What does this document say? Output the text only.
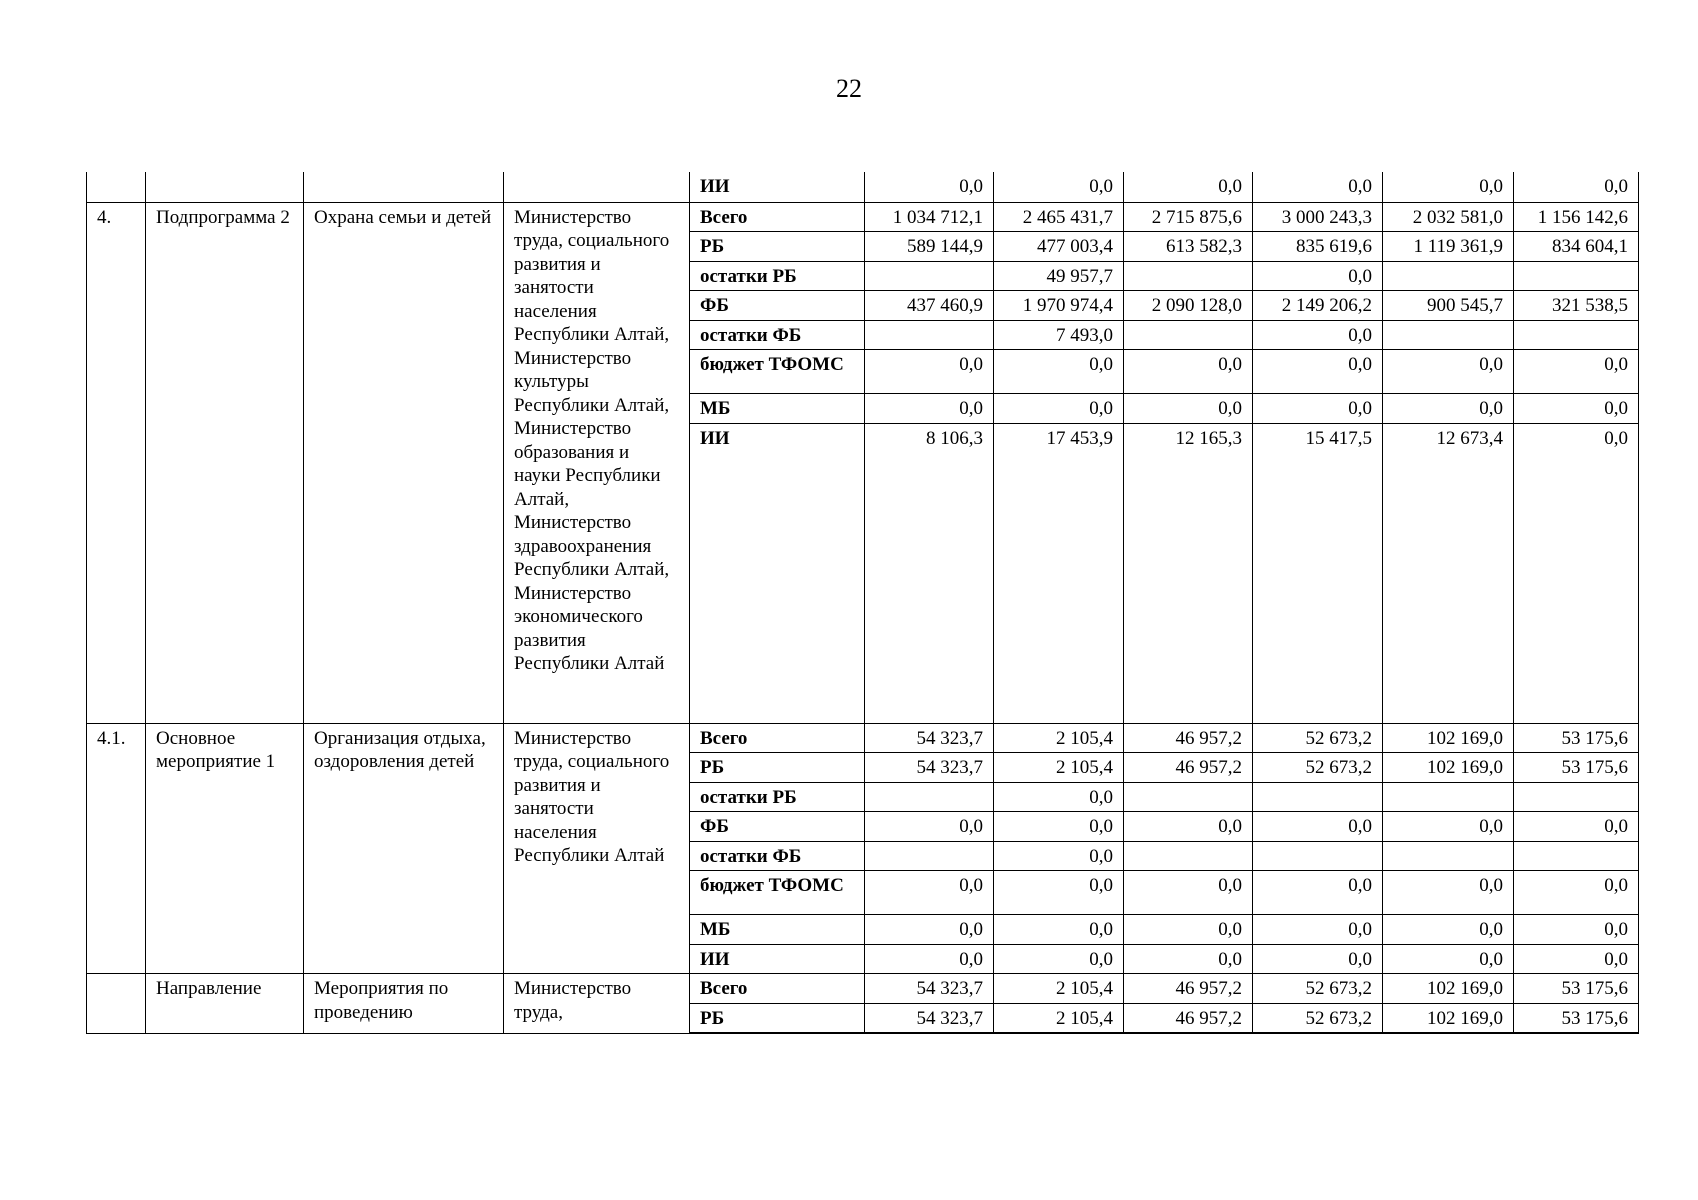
22
				ИИ	0,0	0,0	0,0	0,0	0,0	0,0
4.	Подпрограмма 2	Охрана семьи и детей	Министерство труда, социального развития и занятости населения Республики Алтай, Министерство культуры Республики Алтай, Министерство образования и науки Республики Алтай, Министерство здравоохранения Республики Алтай, Министерство экономического развития Республики Алтай	Всего	1 034 712,1	2 465 431,7	2 715 875,6	3 000 243,3	2 032 581,0	1 156 142,6
				РБ	589 144,9	477 003,4	613 582,3	835 619,6	1 119 361,9	834 604,1
				остатки РБ		49 957,7		0,0		
				ФБ	437 460,9	1 970 974,4	2 090 128,0	2 149 206,2	900 545,7	321 538,5
				остатки ФБ		7 493,0		0,0		
				бюджет ТФОМС	0,0	0,0	0,0	0,0	0,0	0,0
				МБ	0,0	0,0	0,0	0,0	0,0	0,0
				ИИ	8 106,3	17 453,9	12 165,3	15 417,5	12 673,4	0,0
4.1.	Основное мероприятие 1	Организация отдыха, оздоровления детей	Министерство труда, социального развития и занятости населения Республики Алтай	Всего	54 323,7	2 105,4	46 957,2	52 673,2	102 169,0	53 175,6
				РБ	54 323,7	2 105,4	46 957,2	52 673,2	102 169,0	53 175,6
				остатки РБ		0,0				
				ФБ	0,0	0,0	0,0	0,0	0,0	0,0
				остатки ФБ		0,0				
				бюджет ТФОМС	0,0	0,0	0,0	0,0	0,0	0,0
				МБ	0,0	0,0	0,0	0,0	0,0	0,0
				ИИ	0,0	0,0	0,0	0,0	0,0	0,0
	Направление	Мероприятия по проведению	Министерство труда,	Всего	54 323,7	2 105,4	46 957,2	52 673,2	102 169,0	53 175,6
				РБ	54 323,7	2 105,4	46 957,2	52 673,2	102 169,0	53 175,6
